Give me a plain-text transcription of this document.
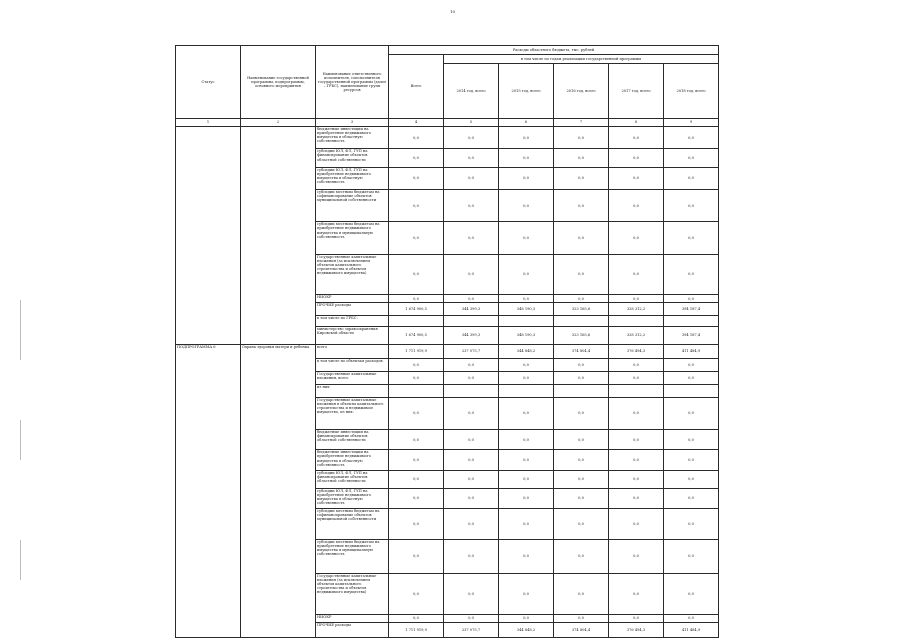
10
Статус	Наименование государственной программы, подпрограммы, основного мероприятия	Наименование ответственного исполнителя, соисполнителя государственной программы (далее – ГРБС), наименование групп ресурсов	Расходы областного бюджета, тыс. рублей					
			Всего	в том числе по годам реализации государственной программы				
				2014 год, всего	2015 год, всего	2016 год, всего	2017 год, всего	2018 год, всего
1	2	3	4	5	6	7	8	9
		бюджетные инвестиции на приобретение недвижимого имущества в областную собственность	0,0	0,0	0,0	0,0	0,0	0,0
		субсидии ЮЛ, ФЛ, ГУП на финансирование объектов областной собственности	0,0	0,0	0,0	0,0	0,0	0,0
		субсидии ЮЛ, ФЛ, ГУП на приобретение недвижимого имущества в областную собственность	0,0	0,0	0,0	0,0	0,0	0,0
		субсидии местным бюджетам на софинансирование объектов муниципальной собственности	0,0	0,0	0,0	0,0	0,0	0,0
		субсидии местным бюджетам на приобретение недвижимого имущества в муниципальную собственность	0,0	0,0	0,0	0,0	0,0	0,0
		Государственные капитальные вложения (за исключением объектов капитального строительства и объектов недвижимого имущества)	0,0	0,0	0,0	0,0	0,0	0,0
		НИОКР	0,0	0,0	0,0	0,0	0,0	0,0
		ПРОЧИЕ расходы	1 674 900,5	344 399,3	348 190,3	323 165,6	328 312,2	394 187,4
		в том числе по ГРБС:						
		министерство здравоохранения Кировской области	1 674 900,5	344 399,3	348 190,3	323 165,6	328 312,2	394 187,4
ПОДПРОГРАММА 6	Охрана здоровья матери и ребенка	всего	1 711 919,9	237 075,7	344 848,2	374 804,4	376 494,3	411 484,9
		в том числе по объектам расходов:	0,0	0,0	0,0	0,0	0,0	0,0
		Государственные капитальные вложения, всего	0,0	0,0	0,0	0,0	0,0	0,0
		из них:						
		Государственные капитальные вложения в объекты капитального строительства и недвижимое имущество, из них:	0,0	0,0	0,0	0,0	0,0	0,0
		бюджетные инвестиции на финансирование объектов областной собственности	0,0	0,0	0,0	0,0	0,0	0,0
		бюджетные инвестиции на приобретение недвижимого имущества в областную собственность	0,0	0,0	0,0	0,0	0,0	0,0
		субсидии ЮЛ, ФЛ, ГУП на финансирование объектов областной собственности	0,0	0,0	0,0	0,0	0,0	0,0
		субсидии ЮЛ, ФЛ, ГУП на приобретение недвижимого имущества в областную собственность	0,0	0,0	0,0	0,0	0,0	0,0
		субсидии местным бюджетам на софинансирование объектов муниципальной собственности	0,0	0,0	0,0	0,0	0,0	0,0
		субсидии местным бюджетам на приобретение недвижимого имущества в муниципальную собственность	0,0	0,0	0,0	0,0	0,0	0,0
		Государственные капитальные вложения (за исключением объектов капитального строительства и объектов недвижимого имущества)	0,0	0,0	0,0	0,0	0,0	0,0
		НИОКР	0,0	0,0	0,0	0,0	0,0	0,0
		ПРОЧИЕ расходы	1 711 919,9	237 075,7	344 848,2	374 804,4	376 494,3	411 484,9
